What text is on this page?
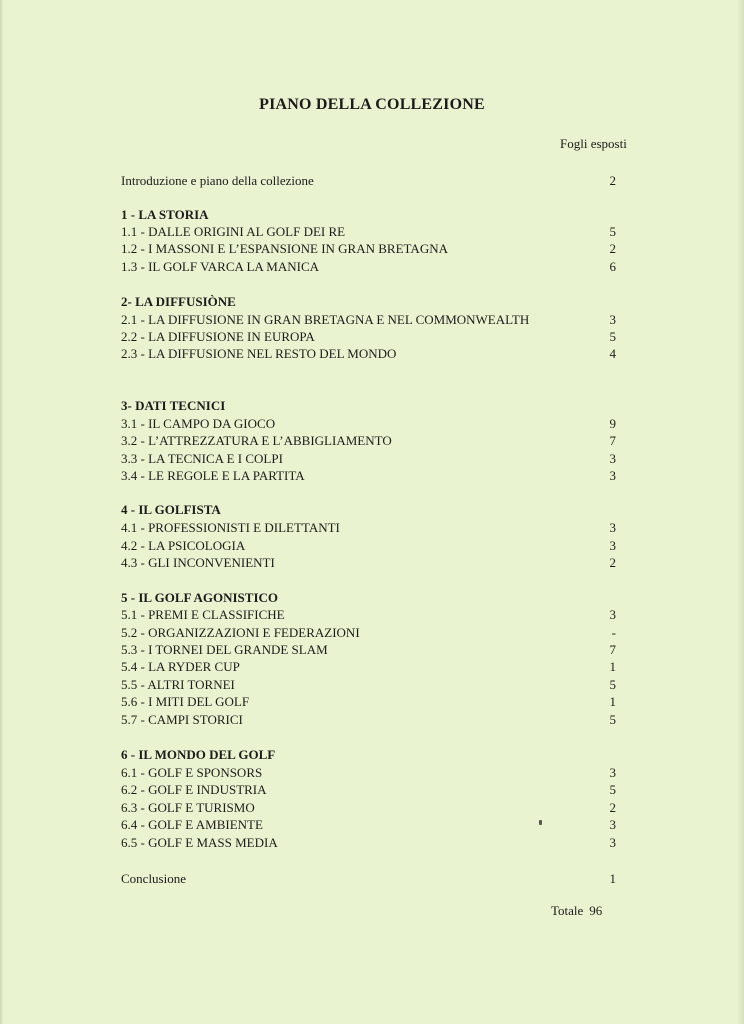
PIANO DELLA COLLEZIONE
Fogli esposti
Introduzione e piano della collezione	2
1 - LA STORIA
1.1 - DALLE ORIGINI AL GOLF DEI RE	5
1.2 - I MASSONI E L’ESPANSIONE IN GRAN BRETAGNA	2
1.3 - IL GOLF VARCA LA MANICA	6
2- LA DIFFUSIÒNE
2.1 - LA DIFFUSIONE IN GRAN BRETAGNA E NEL COMMONWEALTH	3
2.2 - LA DIFFUSIONE IN EUROPA	5
2.3 - LA DIFFUSIONE NEL RESTO DEL MONDO	4
3- DATI TECNICI
3.1 - IL CAMPO DA GIOCO	9
3.2 - L’ATTREZZATURA E L’ABBIGLIAMENTO	7
3.3 - LA TECNICA E I COLPI	3
3.4 - LE REGOLE E LA PARTITA	3
4 - IL GOLFISTA
4.1 - PROFESSIONISTI E DILETTANTI	3
4.2 - LA PSICOLOGIA	3
4.3 - GLI INCONVENIENTI	2
5 - IL GOLF AGONISTICO
5.1 - PREMI E CLASSIFICHE	3
5.2 - ORGANIZZAZIONI E FEDERAZIONI	-
5.3 - I TORNEI DEL GRANDE SLAM	7
5.4 - LA RYDER CUP	1
5.5 - ALTRI TORNEI	5
5.6 - I MITI DEL GOLF	1
5.7 - CAMPI STORICI	5
6 - IL MONDO DEL GOLF
6.1 - GOLF E SPONSORS	3
6.2 - GOLF E INDUSTRIA	5
6.3 - GOLF E TURISMO	2
6.4 - GOLF E AMBIENTE	3
6.5 - GOLF E MASS MEDIA	3
Conclusione	1
Totale 96
